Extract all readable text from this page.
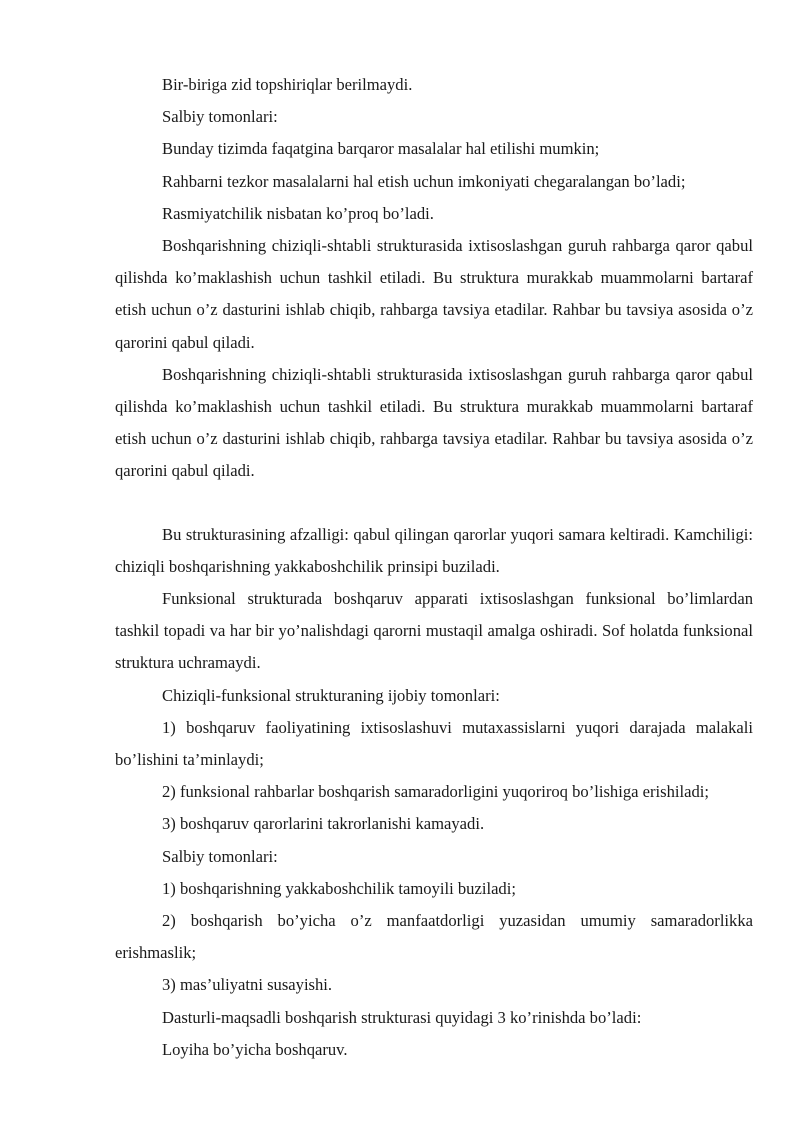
Bir-biriga zid topshiriqlar berilmaydi.

Salbiy tomonlari:

Bunday tizimda faqatgina barqaror masalalar hal etilishi mumkin;

Rahbarni tezkor masalalarni hal etish uchun imkoniyati chegaralangan bo’ladi;

Rasmiyatchilik nisbatan ko’proq bo’ladi.

Boshqarishning chiziqli-shtabli strukturasida ixtisoslashgan guruh rahbarga qaror qabul qilishda ko’maklashish uchun tashkil etiladi. Bu struktura murakkab muammolarni bartaraf etish uchun o’z dasturini ishlab chiqib, rahbarga tavsiya etadilar. Rahbar bu tavsiya asosida o’z qarorini qabul qiladi.

Boshqarishning chiziqli-shtabli strukturasida ixtisoslashgan guruh rahbarga qaror qabul qilishda ko’maklashish uchun tashkil etiladi. Bu struktura murakkab muammolarni bartaraf etish uchun o’z dasturini ishlab chiqib, rahbarga tavsiya etadilar. Rahbar bu tavsiya asosida o’z qarorini qabul qiladi.

Bu strukturasining afzalligi: qabul qilingan qarorlar yuqori samara keltiradi. Kamchiligi: chiziqli boshqarishning yakkaboshchilik prinsipi buziladi.

Funksional strukturada boshqaruv apparati ixtisoslashgan funksional bo’limlardan tashkil topadi va har bir yo’nalishdagi qarorni mustaqil amalga oshiradi. Sof holatda funksional struktura uchramaydi.

Chiziqli-funksional strukturaning ijobiy tomonlari:

1) boshqaruv faoliyatining ixtisoslashuvi mutaxassislarni yuqori darajada malakali bo’lishini ta’minlaydi;

2) funksional rahbarlar boshqarish samaradorligini yuqoriroq bo’lishiga erishiladi;

3) boshqaruv qarorlarini takrorlanishi kamayadi.

Salbiy tomonlari:

1) boshqarishning yakkaboshchilik tamoyili buziladi;

2) boshqarish bo’yicha o’z manfaatdorligi yuzasidan umumiy samaradorlikka erishmaslik;

3) mas’uliyatni susayishi.

Dasturli-maqsadli boshqarish strukturasi quyidagi 3 ko’rinishda bo’ladi:

Loyiha bo’yicha boshqaruv.
